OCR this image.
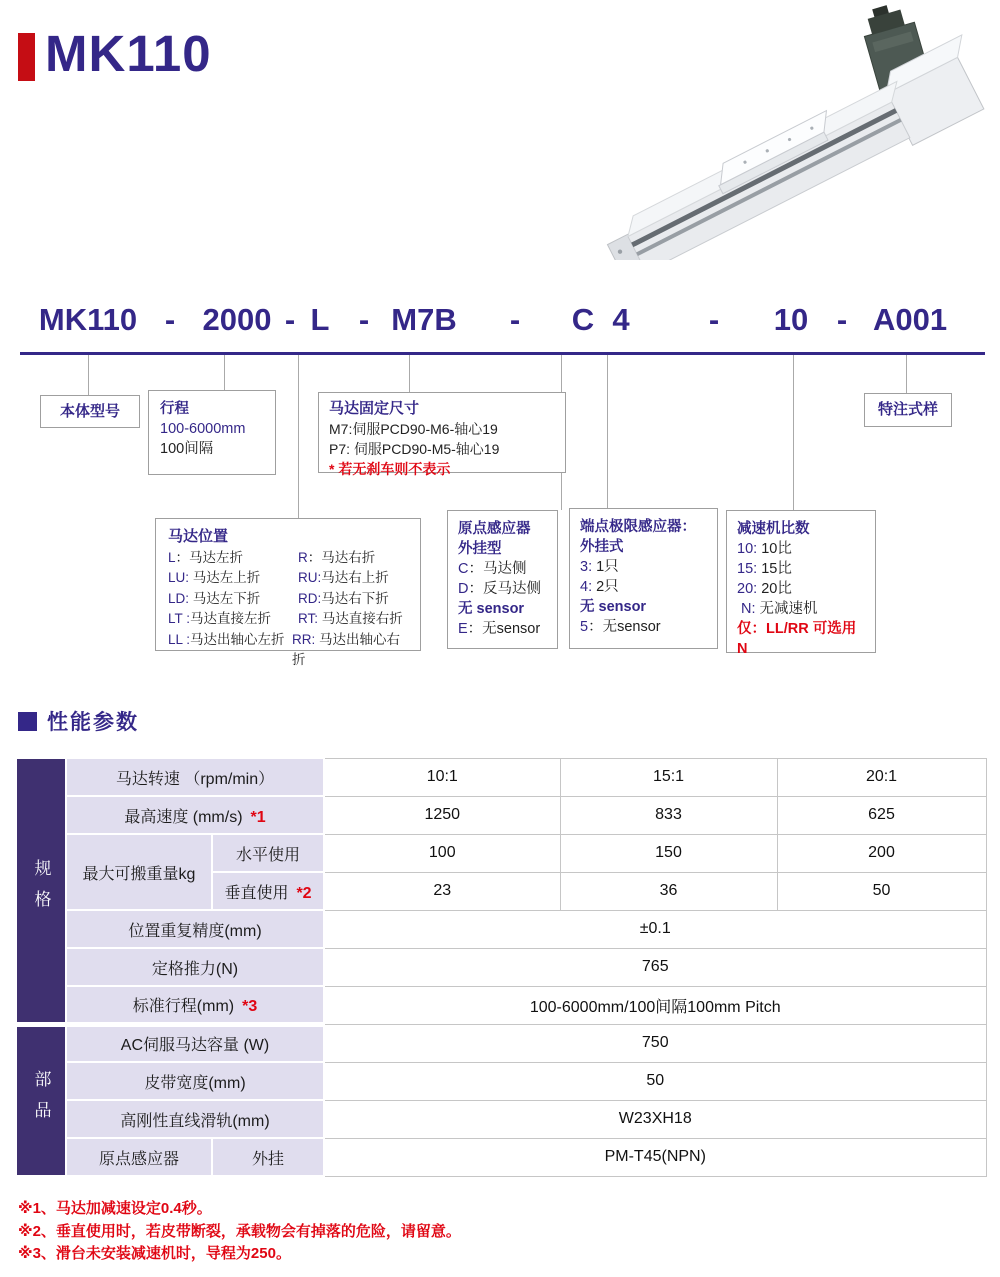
MK110
MK110 - 2000 - L - M7B - C 4	- 10 - A001
本体型号	行程
100-6000mm
100间隔
马达固定尺寸
M7:伺服PCD90-M6-轴心19
P7: 伺服PCD90-M5-轴心19
* 若无刹车则不表示
特注式样
马达位置
L：马达左折	R：马达右折
LU: 马达左上折	RU:马达右上折
LD: 马达左下折	RD:马达右下折
LT :马达直接左折	RT: 马达直接右折
LL :马达出轴心左折 RR: 马达出轴心右折
原点感应器
外挂型
C：马达侧
D：反马达侧
无 sensor
E：无sensor
端点极限感应器：
外挂式
3: 1只
4: 2只
无 sensor
5：无sensor
减速机比数
10: 10比
15: 15比
20: 20比
N: 无减速机
仅：LL/RR 可选用 N
性能参数
规格	马达转速 （rpm/min）		10:1	15:1	20:1
	最高速度 (mm/s) *1		1250	833	625
	最大可搬重量kg	水平使用	100	150	200
		垂直使用 *2	23	36	50
	位置重复精度(mm)		±0.1		
	定格推力(N)		765		
	标准行程(mm) *3		100-6000mm/100间隔100mm Pitch		

部品	AC伺服马达容量 (W)		750		
	皮带宽度(mm)		50		
	高刚性直线滑轨(mm)		W23XH18		
	原点感应器	外挂	PM-T45(NPN)		
※1、马达加减速设定0.4秒。
※2、垂直使用时，若皮带断裂，承载物会有掉落的危险，请留意。
※3、滑台未安装减速机时，导程为250。
